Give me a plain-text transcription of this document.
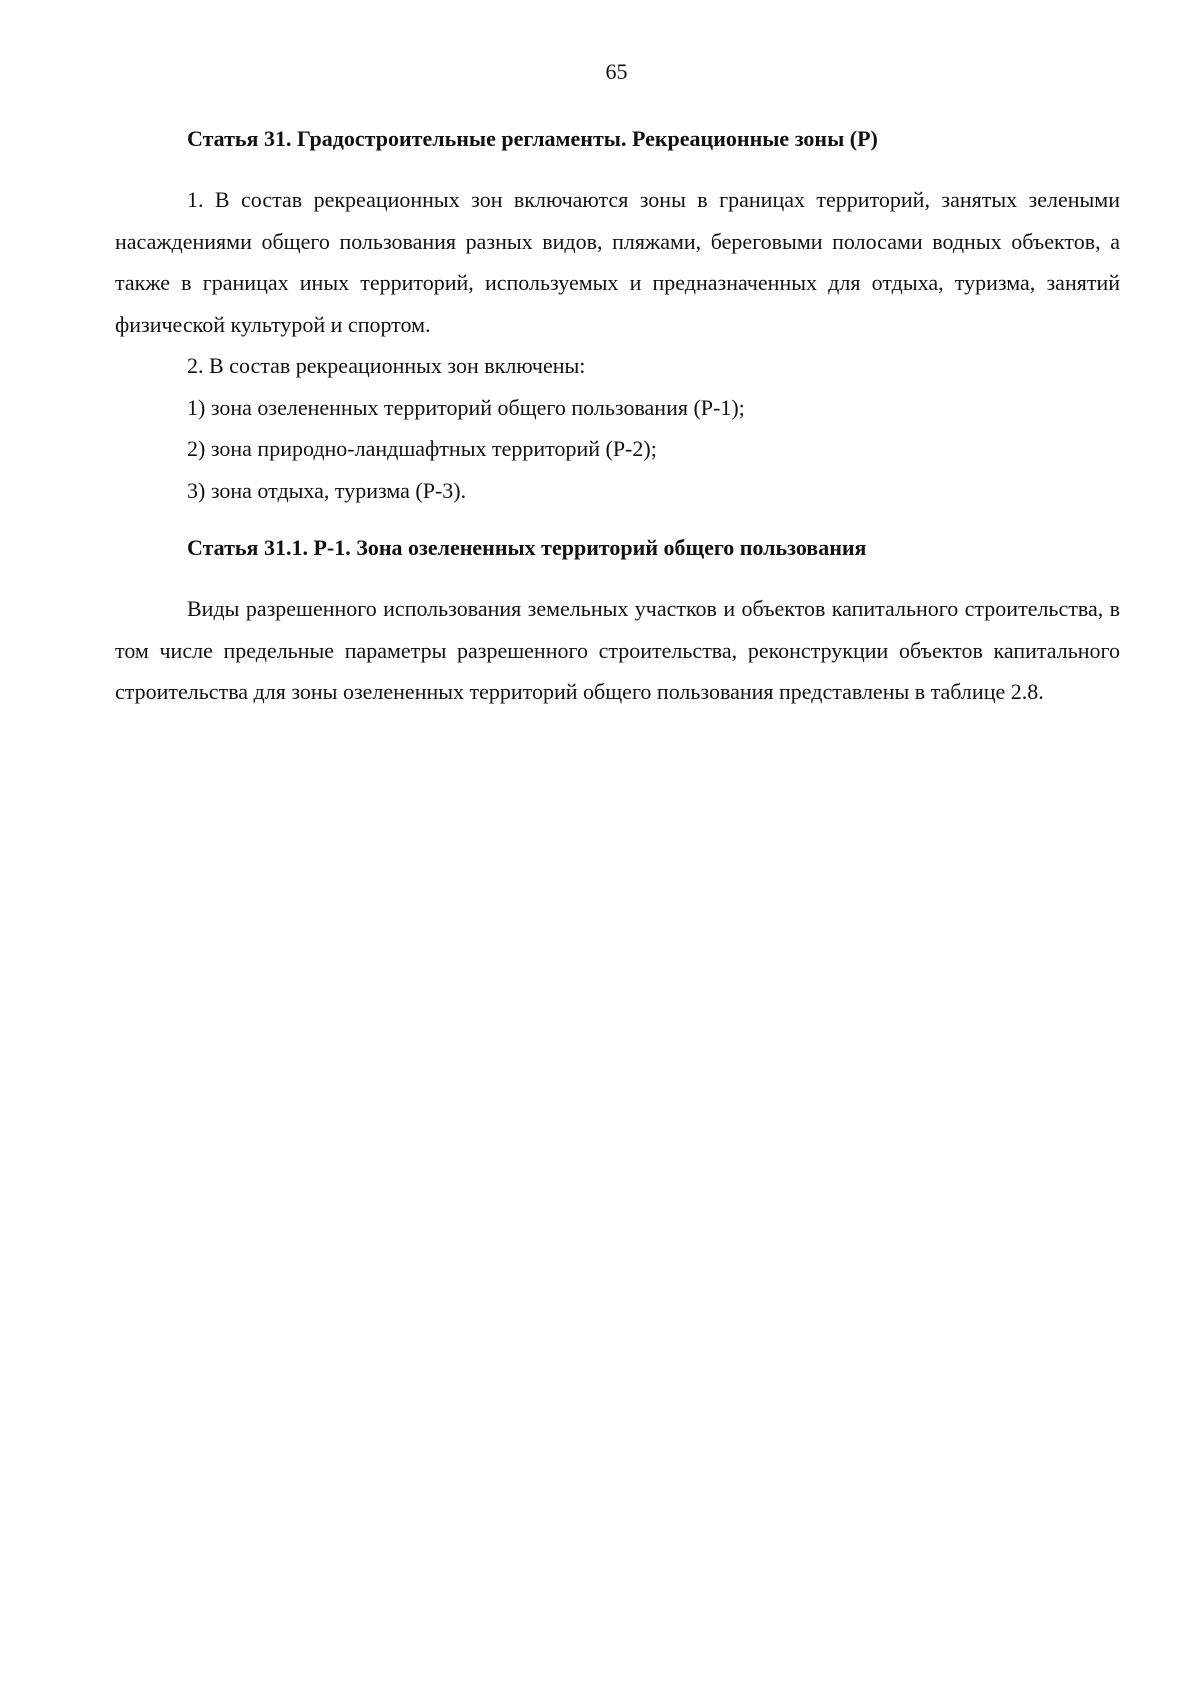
65
Статья 31. Градостроительные регламенты. Рекреационные зоны (Р)

1. В состав рекреационных зон включаются зоны в границах территорий, занятых зелеными насаждениями общего пользования разных видов, пляжами, береговыми полосами водных объектов, а также в границах иных территорий, используемых и предназначенных для отдыха, туризма, занятий физической культурой и спортом.

2. В состав рекреационных зон включены:

1) зона озелененных территорий общего пользования (Р-1);

2) зона природно-ландшафтных территорий (Р-2);

3) зона отдыха, туризма (Р-3).

Статья 31.1. Р-1. Зона озелененных территорий общего пользования

Виды разрешенного использования земельных участков и объектов капитального строительства, в том числе предельные параметры разрешенного строительства, реконструкции объектов капитального строительства для зоны озелененных территорий общего пользования представлены в таблице 2.8.
